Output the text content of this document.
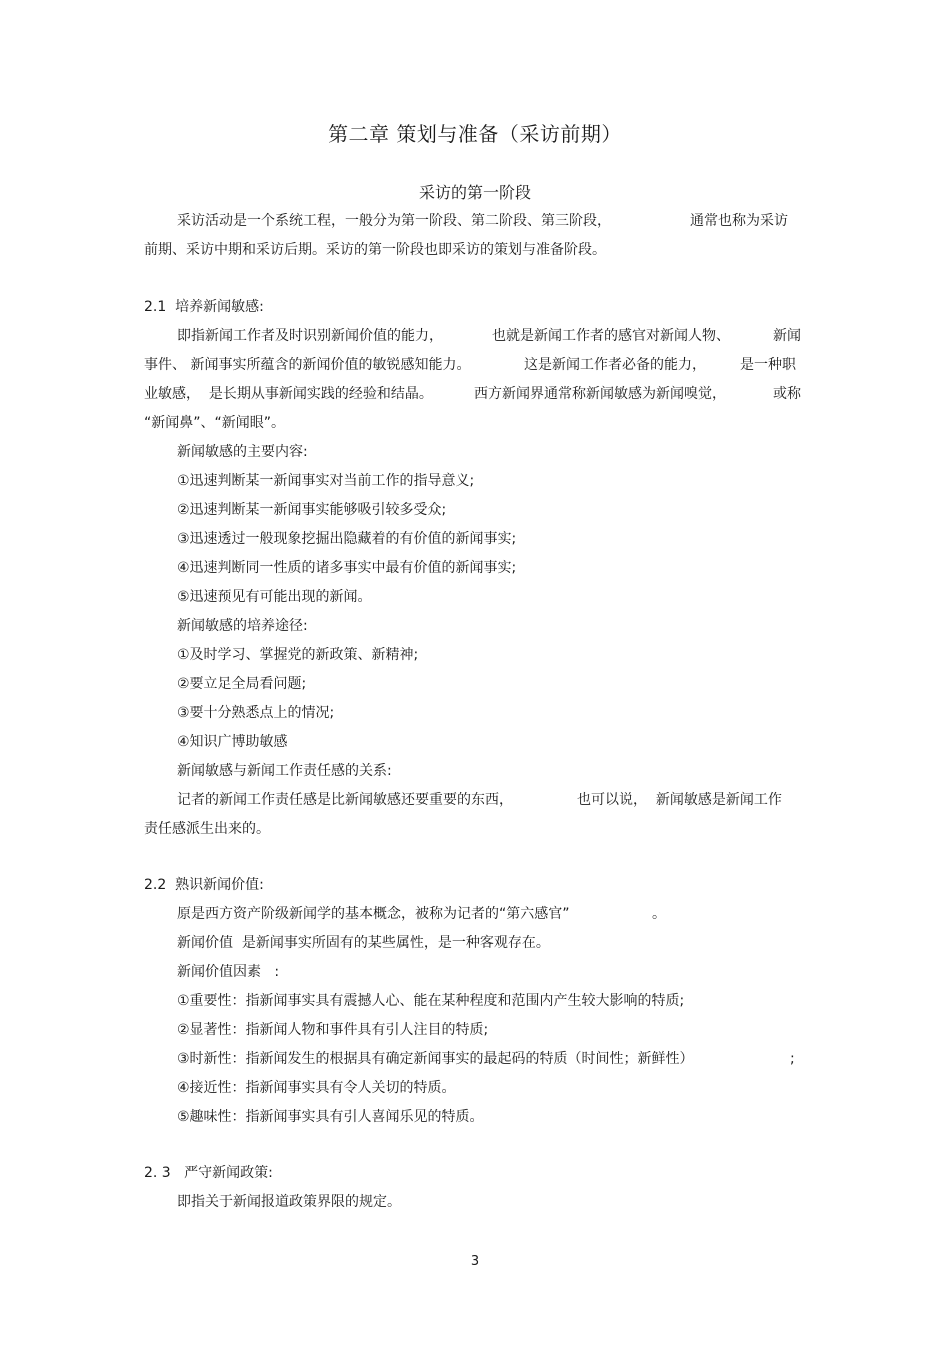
第二章 策划与准备（采访前期）
采访的第一阶段
采访活动是一个系统工程，一般分为第一阶段、第二阶段、第三阶段，	通常也称为采访
前期、采访中期和采访后期。采访的第一阶段也即采访的策划与准备阶段。
2.1  培养新闻敏感:
即指新闻工作者及时识别新闻价值的能力，	也就是新闻工作者的感官对新闻人物、	新闻
事件、 新闻事实所蕴含的新闻价值的敏锐感知能力。	这是新闻工作者必备的能力， 是一种职
业敏感，  是长期从事新闻实践的经验和结晶。	西方新闻界通常称新闻敏感为新闻嗅觉，	或称
“新闻鼻”、“新闻眼”。
新闻敏感的主要内容:
①迅速判断某一新闻事实对当前工作的指导意义;
②迅速判断某一新闻事实能够吸引较多受众;
③迅速透过一般现象挖掘出隐藏着的有价值的新闻事实;
④迅速判断同一性质的诸多事实中最有价值的新闻事实;
⑤迅速预见有可能出现的新闻。
新闻敏感的培养途径:
①及时学习、掌握党的新政策、新精神;
②要立足全局看问题;
③要十分熟悉点上的情况;
④知识广博助敏感
新闻敏感与新闻工作责任感的关系:
记者的新闻工作责任感是比新闻敏感还要重要的东西，	也可以说，  新闻敏感是新闻工作
责任感派生出来的。
2.2  熟识新闻价值:
原是西方资产阶级新闻学的基本概念，被称为记者的“第六感官”	。
新闻价值  是新闻事实所固有的某些属性，是一种客观存在。
新闻价值因素   :
①重要性：指新闻事实具有震撼人心、能在某种程度和范围内产生较大影响的特质;
②显著性：指新闻人物和事件具有引人注目的特质;
③时新性：指新闻发生的根据具有确定新闻事实的最起码的特质（时间性；新鲜性）	;
④接近性：指新闻事实具有令人关切的特质。
⑤趣味性：指新闻事实具有引人喜闻乐见的特质。
2. 3   严守新闻政策:
即指关于新闻报道政策界限的规定。
3
